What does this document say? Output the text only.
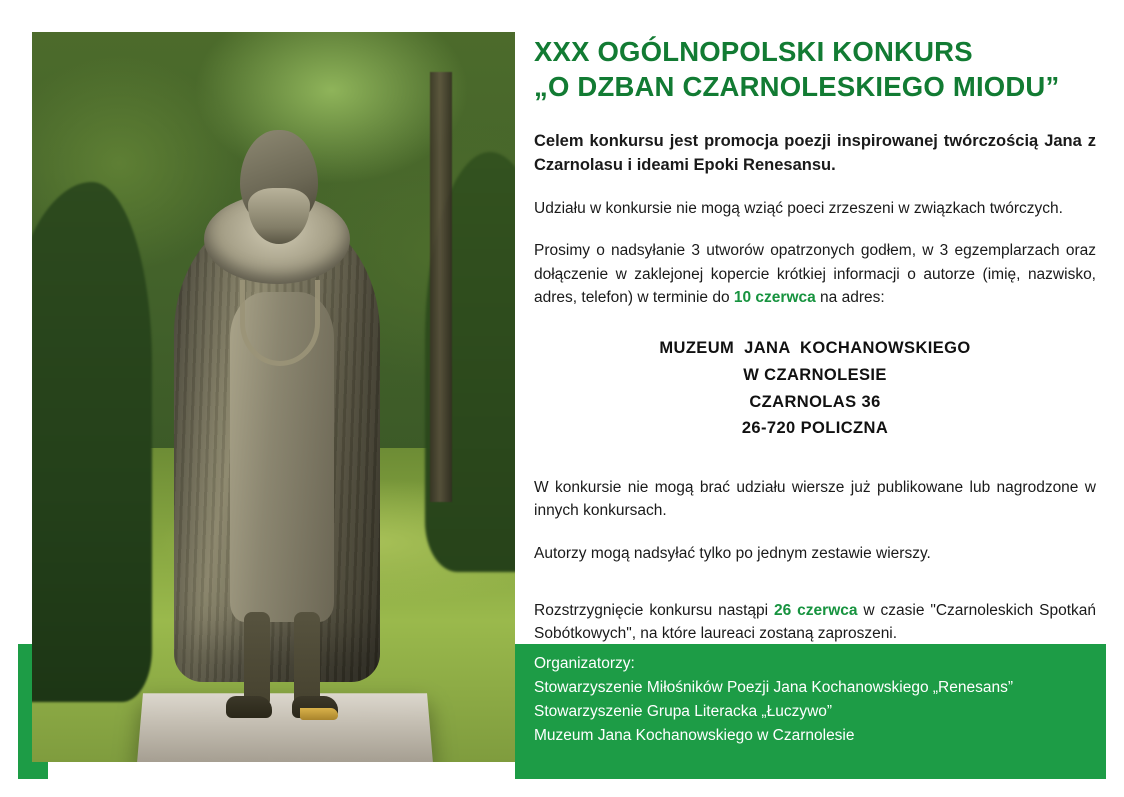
XXX OGÓLNOPOLSKI KONKURS
„O DZBAN CZARNOLESKIEGO MIODU”

Celem konkursu jest promocja poezji inspirowanej twórczością Jana z Czarnolasu i ideami Epoki Renesansu.

Udziału w konkursie nie mogą wziąć poeci zrzeszeni w związkach twórczych.

Prosimy o nadsyłanie 3 utworów opatrzonych godłem, w 3 egzemplarzach oraz dołączenie w zaklejonej kopercie krótkiej informacji o autorze (imię, nazwisko, adres, telefon) w terminie do 10 czerwca na adres:

MUZEUM  JANA  KOCHANOWSKIEGO
W CZARNOLESIE
CZARNOLAS 36
26-720 POLICZNA

W konkursie nie mogą brać udziału wiersze już publikowane lub nagrodzone w innych konkursach.

Autorzy mogą nadsyłać tylko po jednym zestawie wierszy.

Rozstrzygnięcie konkursu nastąpi 26 czerwca w czasie "Czarnoleskich Spotkań Sobótkowych", na które laureaci zostaną zaproszeni.

Organizatorzy:
Stowarzyszenie Miłośników Poezji Jana Kochanowskiego „Renesans”
Stowarzyszenie Grupa Literacka „Łuczywo”
Muzeum Jana Kochanowskiego w Czarnolesie
